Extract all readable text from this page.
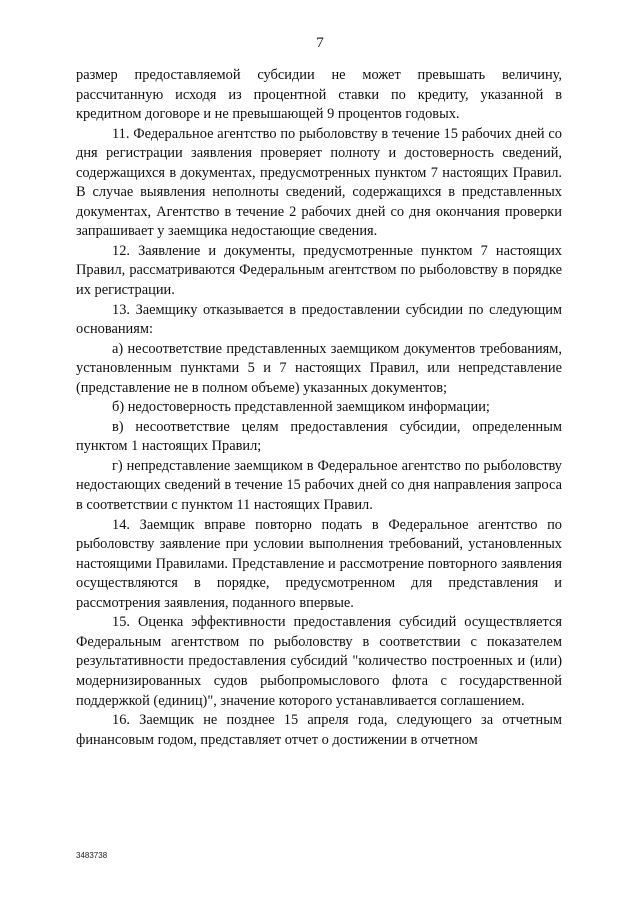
7

размер предоставляемой субсидии не может превышать величину, рассчитанную исходя из процентной ставки по кредиту, указанной в кредитном договоре и не превышающей 9 процентов годовых.

11. Федеральное агентство по рыболовству в течение 15 рабочих дней со дня регистрации заявления проверяет полноту и достоверность сведений, содержащихся в документах, предусмотренных пунктом 7 настоящих Правил. В случае выявления неполноты сведений, содержащихся в представленных документах, Агентство в течение 2 рабочих дней со дня окончания проверки запрашивает у заемщика недостающие сведения.

12. Заявление и документы, предусмотренные пунктом 7 настоящих Правил, рассматриваются Федеральным агентством по рыболовству в порядке их регистрации.

13. Заемщику отказывается в предоставлении субсидии по следующим основаниям:

а) несоответствие представленных заемщиком документов требованиям, установленным пунктами 5 и 7 настоящих Правил, или непредставление (представление не в полном объеме) указанных документов;

б) недостоверность представленной заемщиком информации;

в) несоответствие целям предоставления субсидии, определенным пунктом 1 настоящих Правил;

г) непредставление заемщиком в Федеральное агентство по рыболовству недостающих сведений в течение 15 рабочих дней со дня направления запроса в соответствии с пунктом 11 настоящих Правил.

14. Заемщик вправе повторно подать в Федеральное агентство по рыболовству заявление при условии выполнения требований, установленных настоящими Правилами. Представление и рассмотрение повторного заявления осуществляются в порядке, предусмотренном для представления и рассмотрения заявления, поданного впервые.

15. Оценка эффективности предоставления субсидий осуществляется Федеральным агентством по рыболовству в соответствии с показателем результативности предоставления субсидий "количество построенных и (или) модернизированных судов рыбопромыслового флота с государственной поддержкой (единиц)", значение которого устанавливается соглашением.

16. Заемщик не позднее 15 апреля года, следующего за отчетным финансовым годом, представляет отчет о достижении в отчетном

3483738
